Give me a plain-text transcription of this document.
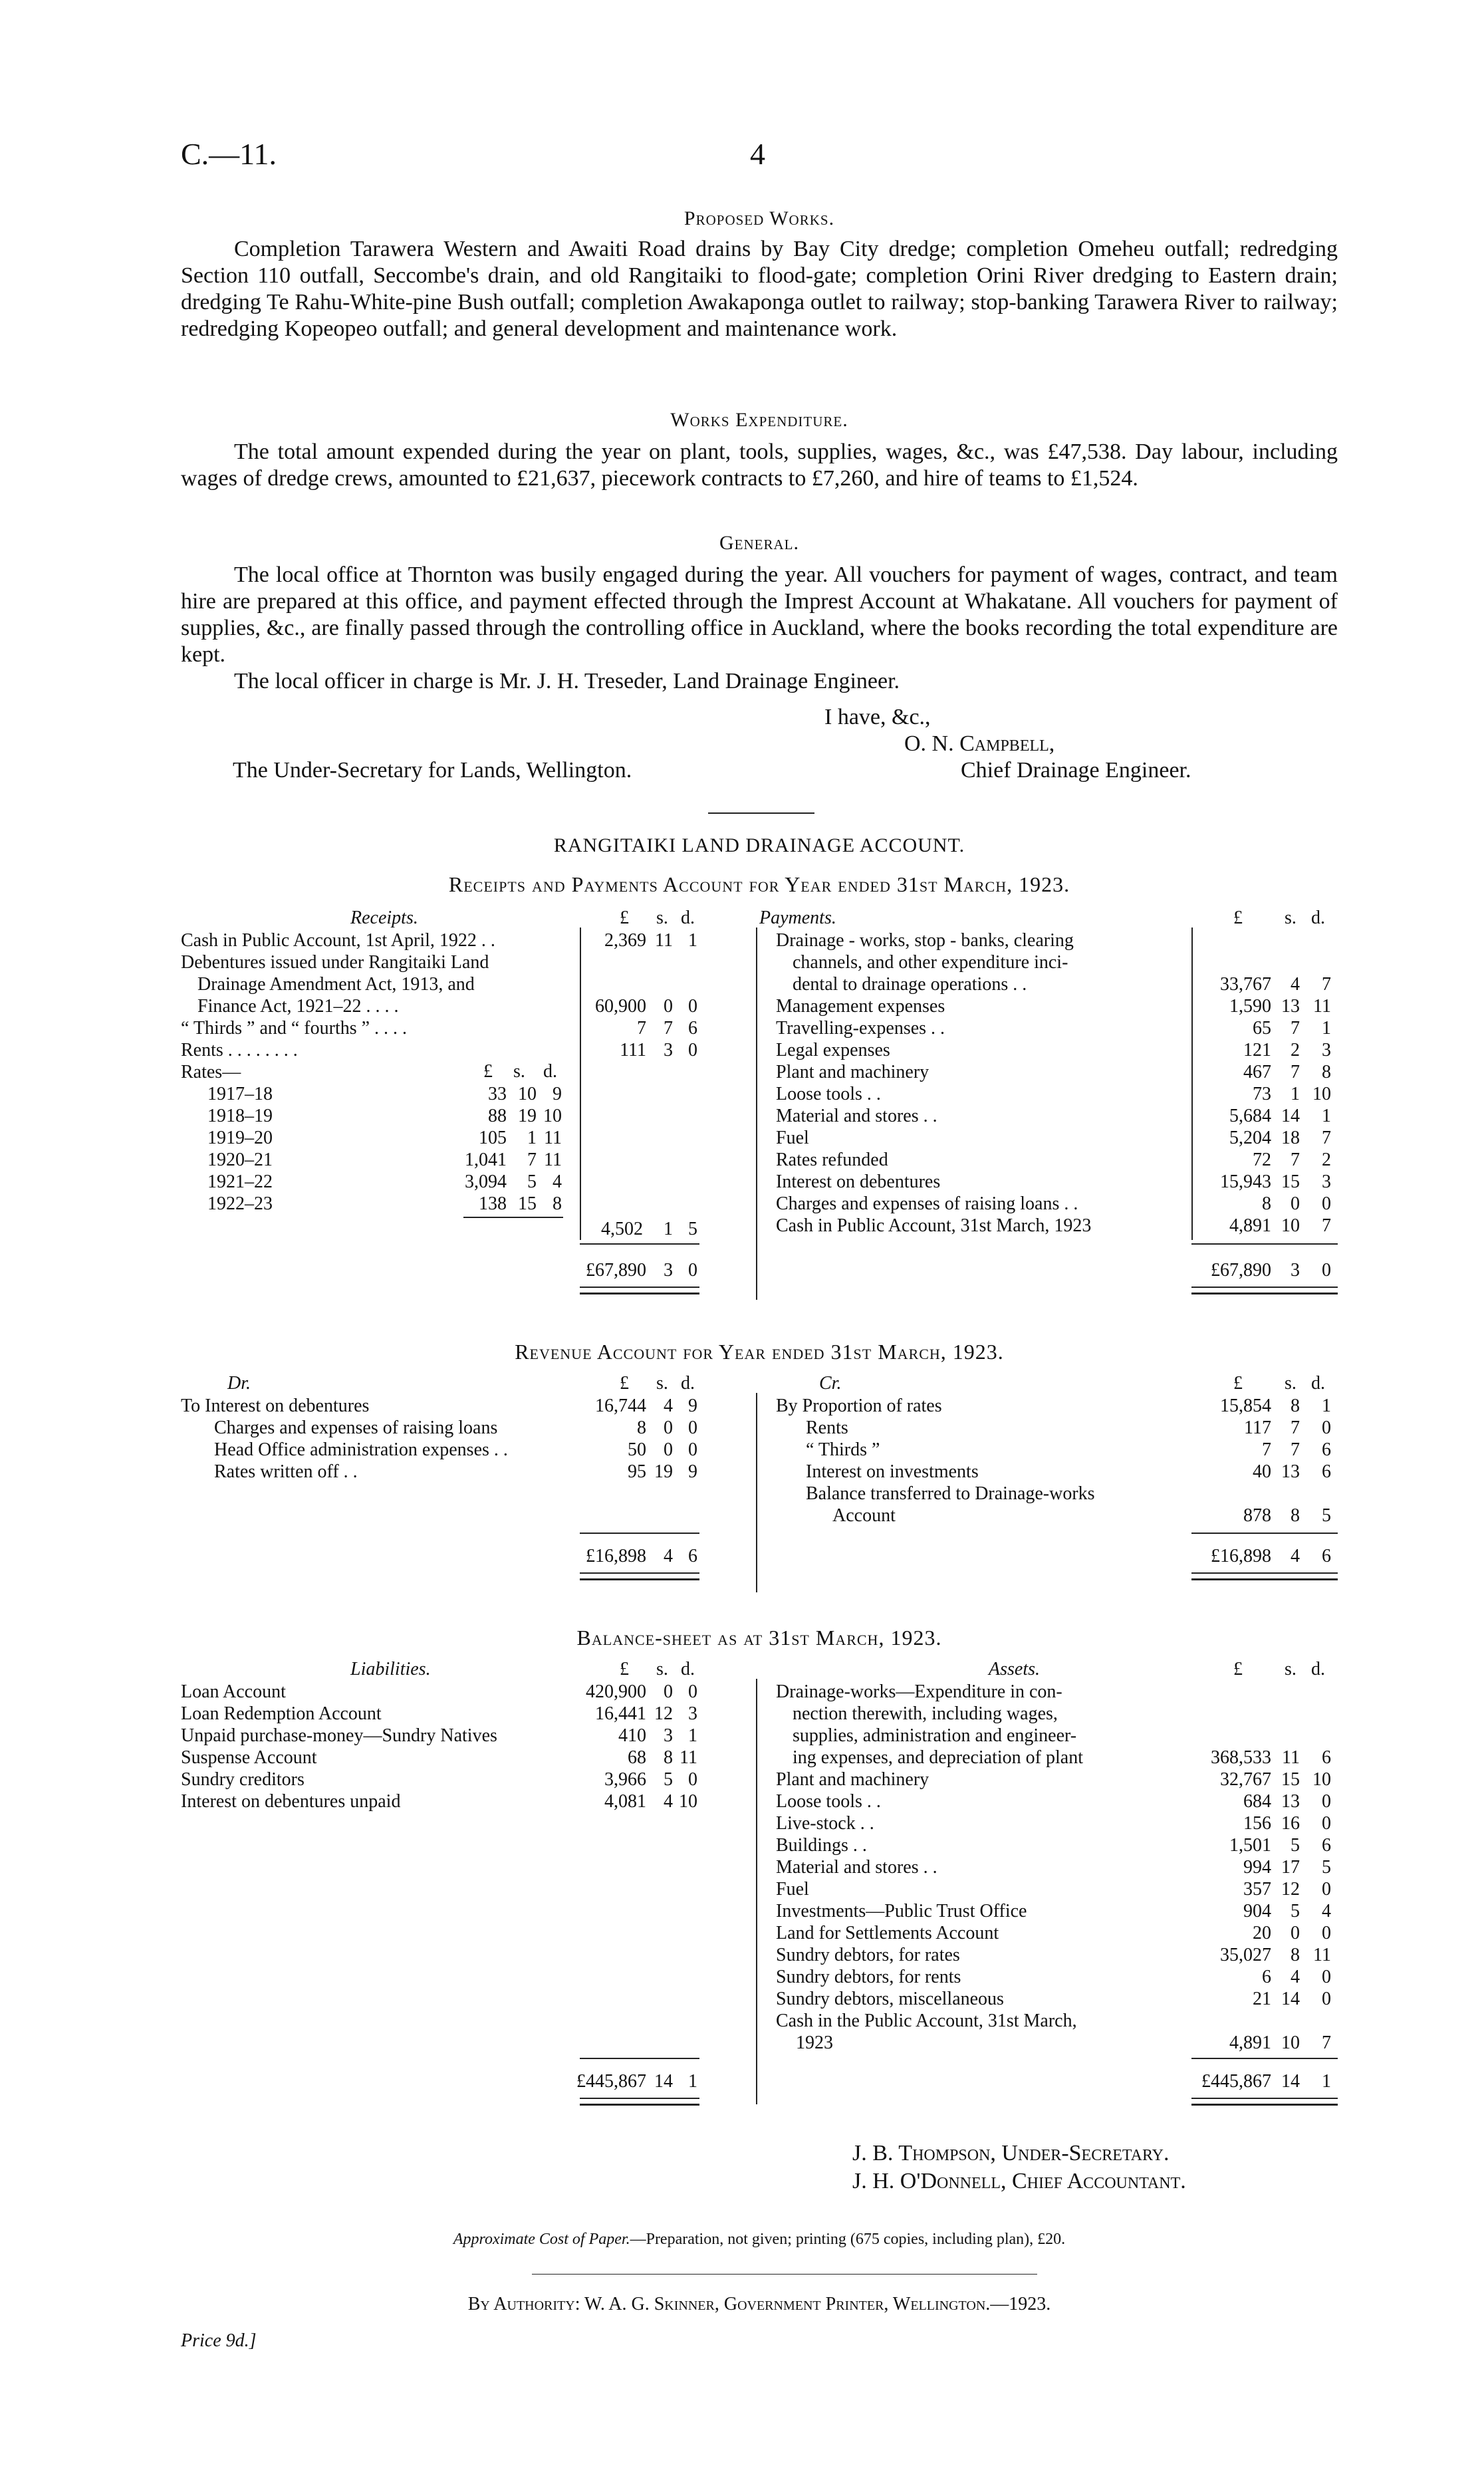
C.—11.	4
Proposed Works.

Completion Tarawera Western and Awaiti Road drains by Bay City dredge; completion Omeheu outfall; redredging Section 110 outfall, Seccombe's drain, and old Rangitaiki to flood-gate; completion Orini River dredging to Eastern drain; dredging Te Rahu-White-pine Bush outfall; completion Awakaponga outlet to railway; stop-banking Tarawera River to railway; redredging Kopeopeo outfall; and general development and maintenance work.

Works Expenditure.

The total amount expended during the year on plant, tools, supplies, wages, &c., was £47,538. Day labour, including wages of dredge crews, amounted to £21,637, piecework contracts to £7,260, and hire of teams to £1,524.

General.

The local office at Thornton was busily engaged during the year. All vouchers for payment of wages, contract, and team hire are prepared at this office, and payment effected through the Imprest Account at Whakatane. All vouchers for payment of supplies, &c., are finally passed through the controlling office in Auckland, where the books recording the total expenditure are kept.

The local officer in charge is Mr. J. H. Treseder, Land Drainage Engineer.

I have, &c.,
O. N. Campbell,
The Under-Secretary for Lands, Wellington.	Chief Drainage Engineer.
RANGITAIKI LAND DRAINAGE ACCOUNT.
Receipts and Payments Account for Year ended 31st March, 1923.
Receipts.	£ s. d.	Payments.	£ s. d.
Cash in Public Account, 1st April, 1922 . .	2,369 11 1
Debentures issued under Rangitaiki Land
Drainage Amendment Act, 1913, and
Finance Act, 1921–22 . . . .	60,900 0 0
“ Thirds ” and “ fourths ” . . . .	7 7 6
Rents . . . . . . . .	111 3 0
Rates—	£ s. d.
1917–18	33 10 9
1918–19	88 19 10
1919–20	105	1 11
1920–21	1,041	7 11
1921–22	3,094	5 4
1922–23	138 15 8
4,502	1 5
Drainage - works, stop - banks, clearing
channels, and other expenditure inci-
dental to drainage operations . .	33,767	4	7
Management expenses	1,590 13 11
Travelling-expenses . .	65	7	1
Legal expenses	121	2	3
Plant and machinery	467	7	8
Loose tools . .	73	1 10
Material and stores . .	5,684 14	1
Fuel	5,204 18	7
Rates refunded	72	7	2
Interest on debentures	15,943 15	3
Charges and expenses of raising loans . .	8	0	0
Cash in Public Account, 31st March, 1923	4,891 10	7
£67,890 3 0	£67,890	3	0
Revenue Account for Year ended 31st March, 1923.
Dr.	£ s. d.	Cr.	£ s. d.
To Interest on debentures	16,744 4 9
Charges and expenses of raising loans	8 0 0
Head Office administration expenses . .	50 0 0
Rates written off . .	95 19 9
By Proportion of rates	15,854	8	1
Rents	117	7	0
“ Thirds ”	7	7	6
Interest on investments	40 13	6
Balance transferred to Drainage-works
Account	878	8	5
£16,898 4 6	£16,898	4	6
Balance-sheet as at 31st March, 1923.
Liabilities.	£ s. d.	Assets.	£ s. d.
Loan Account	420,900 0 0
Loan Redemption Account	16,441 12 3
Unpaid purchase-money—Sundry Natives	410 3 1
Suspense Account	68 8 11
Sundry creditors	3,966 5 0
Interest on debentures unpaid	4,081 4 10
Drainage-works—Expenditure in con-
nection therewith, including wages,
supplies, administration and engineer-
ing expenses, and depreciation of plant	368,533 11	6
Plant and machinery	32,767 15 10
Loose tools . .	684 13	0
Live-stock . .	156 16	0
Buildings . .	1,501	5	6
Material and stores . .	994 17	5
Fuel	357 12	0
Investments—Public Trust Office	904	5	4
Land for Settlements Account	20	0	0
Sundry debtors, for rates	35,027	8 11
Sundry debtors, for rents	6	4	0
Sundry debtors, miscellaneous	21 14	0
Cash in the Public Account, 31st March,
1923	4,891 10	7
£445,867 14 1	£445,867 14	1
J. B. Thompson, Under-Secretary.
J. H. O'Donnell, Chief Accountant.
Approximate Cost of Paper.—Preparation, not given; printing (675 copies, including plan), £20.
By Authority: W. A. G. Skinner, Government Printer, Wellington.—1923.
Price 9d.]
